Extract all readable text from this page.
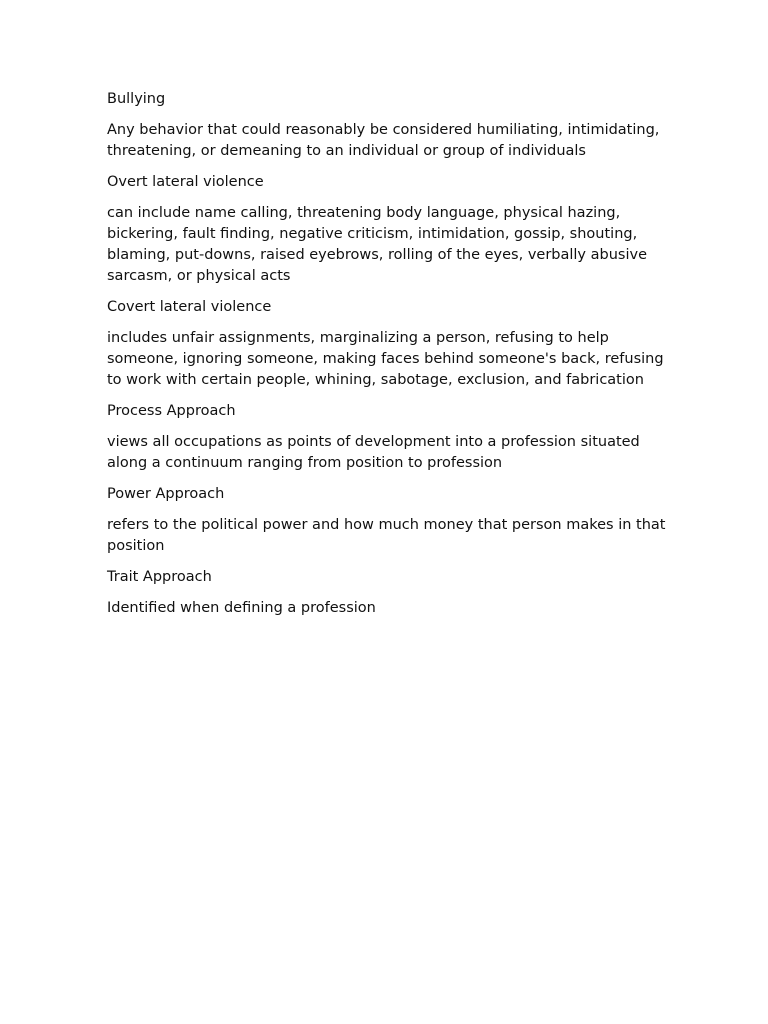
Bullying
Any behavior that could reasonably be considered humiliating, intimidating, threatening, or demeaning to an individual or group of individuals
Overt lateral violence
can include name calling, threatening body language, physical hazing, bickering, fault finding, negative criticism, intimidation, gossip, shouting, blaming, put-downs, raised eyebrows, rolling of the eyes, verbally abusive sarcasm, or physical acts
Covert lateral violence
includes unfair assignments, marginalizing a person, refusing to help someone, ignoring someone, making faces behind someone's back, refusing to work with certain people, whining, sabotage, exclusion, and fabrication
Process Approach
views all occupations as points of development into a profession situated along a continuum ranging from position to profession
Power Approach
refers to the political power and how much money that person makes in that position
Trait Approach
Identified when defining a profession
